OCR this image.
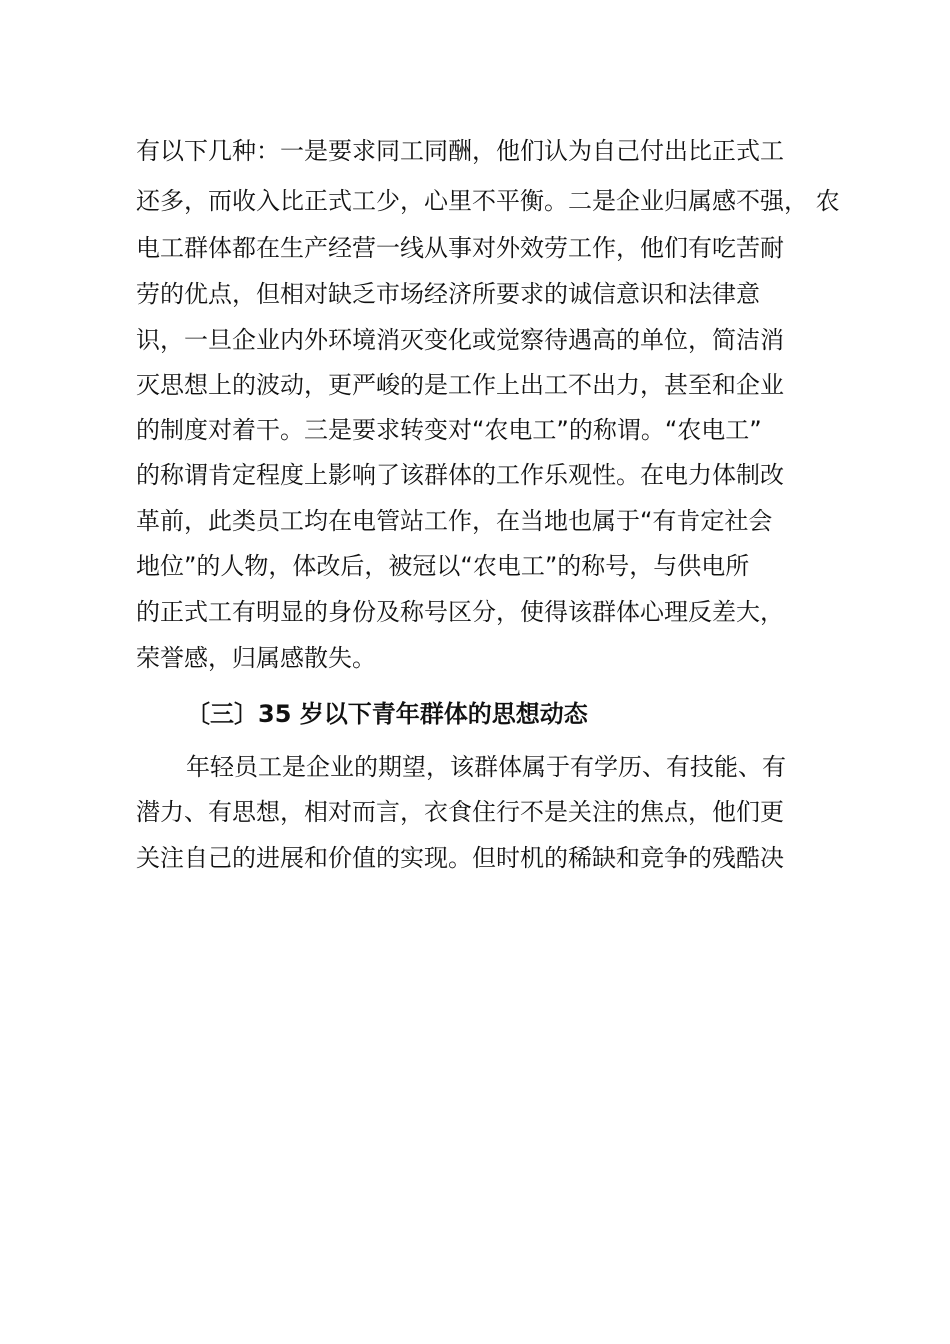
有以下几种：一是要求同工同酬，他们认为自己付出比正式工
还多，而收入比正式工少，心里不平衡。二是企业归属感不强， 农
电工群体都在生产经营一线从事对外效劳工作，他们有吃苦耐
劳的优点，但相对缺乏市场经济所要求的诚信意识和法律意
识，一旦企业内外环境消灭变化或觉察待遇高的单位，简洁消
灭思想上的波动，更严峻的是工作上出工不出力，甚至和企业
的制度对着干。三是要求转变对“农电工”的称谓。“农电工”
的称谓肯定程度上影响了该群体的工作乐观性。在电力体制改
革前，此类员工均在电管站工作，在当地也属于“有肯定社会
地位”的人物，体改后，被冠以“农电工”的称号，与供电所
的正式工有明显的身份及称号区分，使得该群体心理反差大，
荣誉感，归属感散失。
〔三〕35 岁以下青年群体的思想动态
年轻员工是企业的期望，该群体属于有学历、有技能、有
潜力、有思想，相对而言，衣食住行不是关注的焦点，他们更
关注自己的进展和价值的实现。但时机的稀缺和竞争的残酷决
